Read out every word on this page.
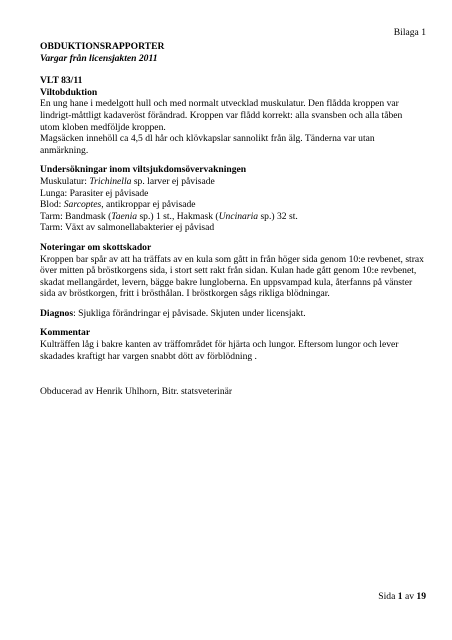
Bilaga 1

OBDUKTIONSRAPPORTER

Vargar från licensjakten 2011

VLT 83/11

Viltobduktion

En ung hane i medelgott hull och med normalt utvecklad muskulatur. Den flådda kroppen var lindrigt-måttligt kadaveröst förändrad. Kroppen var flådd korrekt: alla svansben och alla tåben utom kloben medföljde kroppen.

Magsäcken innehöll ca 4,5 dl hår och klövkapslar sannolikt från älg. Tänderna var utan anmärkning.

Undersökningar inom viltsjukdomsövervakningen

Muskulatur: Trichinella sp. larver ej påvisade

Lunga: Parasiter ej påvisade

Blod: Sarcoptes, antikroppar ej påvisade

Tarm: Bandmask (Taenia sp.) 1 st., Hakmask (Uncinaria sp.) 32 st.

Tarm: Växt av salmonellabakterier ej påvisad

Noteringar om skottskador

Kroppen bar spår av att ha träffats av en kula som gått in från höger sida genom 10:e revbenet, strax över mitten på bröstkorgens sida, i stort sett rakt från sidan. Kulan hade gått genom 10:e revbenet, skadat mellangärdet, levern, bägge bakre lungloberna. En uppsvampad kula, återfanns på vänster sida av bröstkorgen, fritt i brösthålan. I bröstkorgen sågs rikliga blödningar.

Diagnos: Sjukliga förändringar ej påvisade. Skjuten under licensjakt.

Kommentar

Kulträffen låg i bakre kanten av träffområdet för hjärta och lungor. Eftersom lungor och lever skadades kraftigt har vargen snabbt dött av förblödning .

Obducerad av Henrik Uhlhorn, Bitr. statsveterinär

Sida 1 av 19
